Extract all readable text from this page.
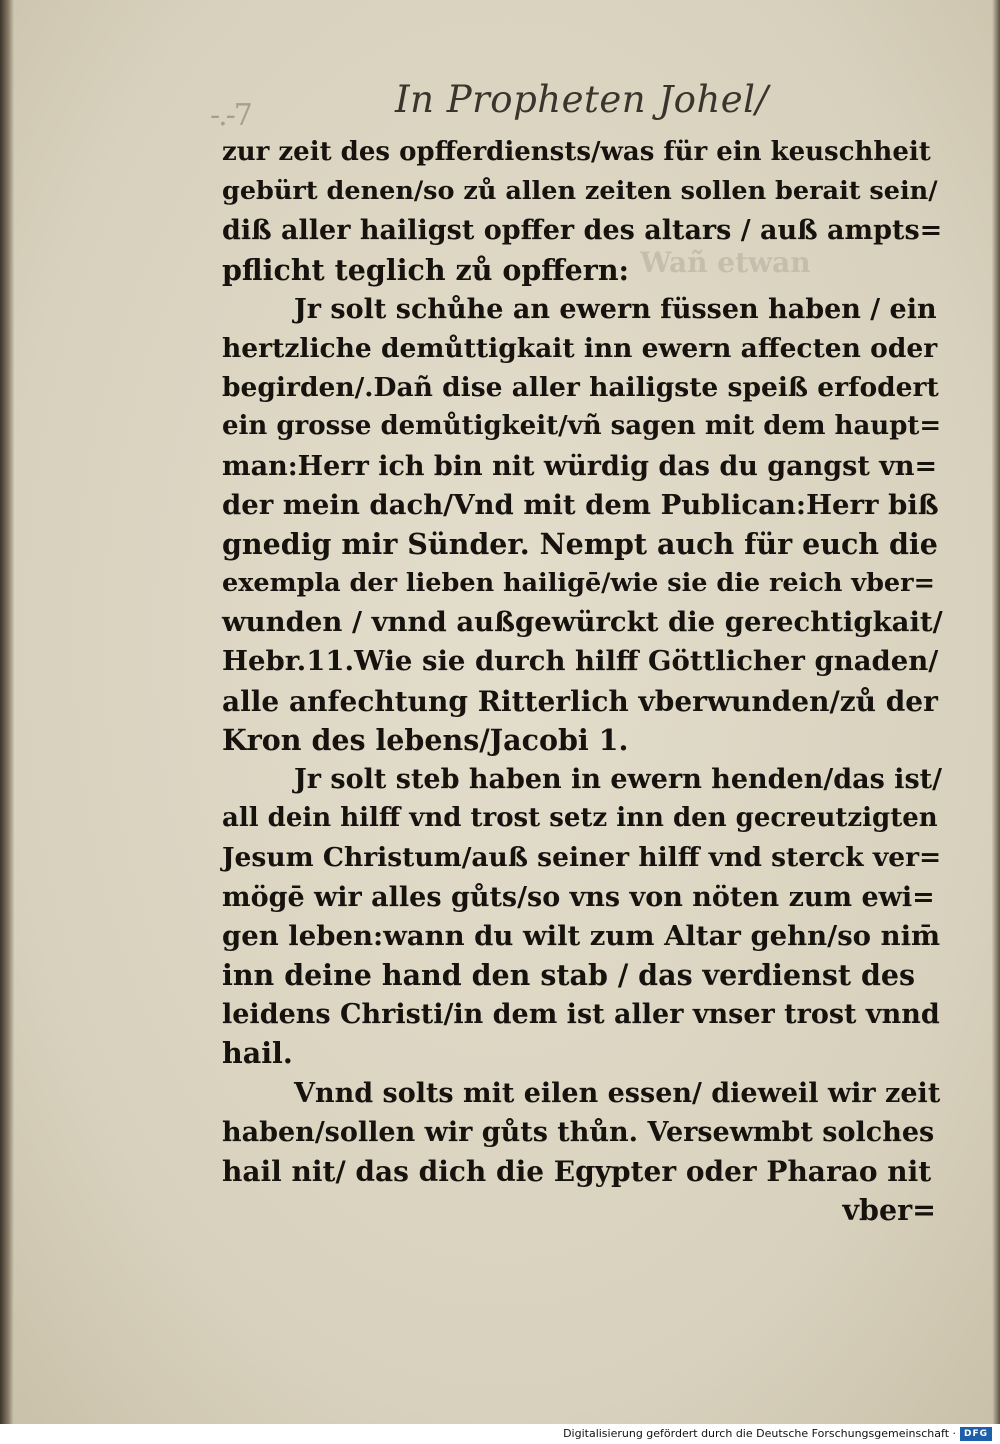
Wañ etwan
-.-7	In Propheten Johel/
zur zeit des opfferdiensts/was für ein keuschheit
gebürt denen/so zů allen zeiten sollen berait sein/
diß aller hailigst opffer des altars / auß ampts=
pflicht teglich zů opffern:
Jr solt schůhe an ewern füssen haben / ein
hertzliche demůttigkait inn ewern affecten oder
begirden/.Dañ dise aller hailigste speiß erfodert
ein grosse demůtigkeit/vñ sagen mit dem haupt=
man:Herr ich bin nit würdig das du gangst vn=
der mein dach/Vnd mit dem Publican:Herr biß
gnedig mir Sünder. Nempt auch für euch die
exempla der lieben hailigē/wie sie die reich vber=
wunden / vnnd außgewürckt die gerechtigkait/
Hebr.11.Wie sie durch hilff Göttlicher gnaden/
alle anfechtung Ritterlich vberwunden/zů der
Kron des lebens/Jacobi 1.
Jr solt steb haben in ewern henden/das ist/
all dein hilff vnd trost setz inn den gecreutzigten
Jesum Christum/auß seiner hilff vnd sterck ver=
mögē wir alles gůts/so vns von nöten zum ewi=
gen leben:wann du wilt zum Altar gehn/so nim̄
inn deine hand den stab / das verdienst des
leidens Christi/in dem ist aller vnser trost vnnd
hail.
Vnnd solts mit eilen essen/ dieweil wir zeit
haben/sollen wir gůts thůn. Versewmbt solches
hail nit/ das dich die Egypter oder Pharao nit
vber=
Digitalisierung gefördert durch die Deutsche Forschungsgemeinschaft · DFG
